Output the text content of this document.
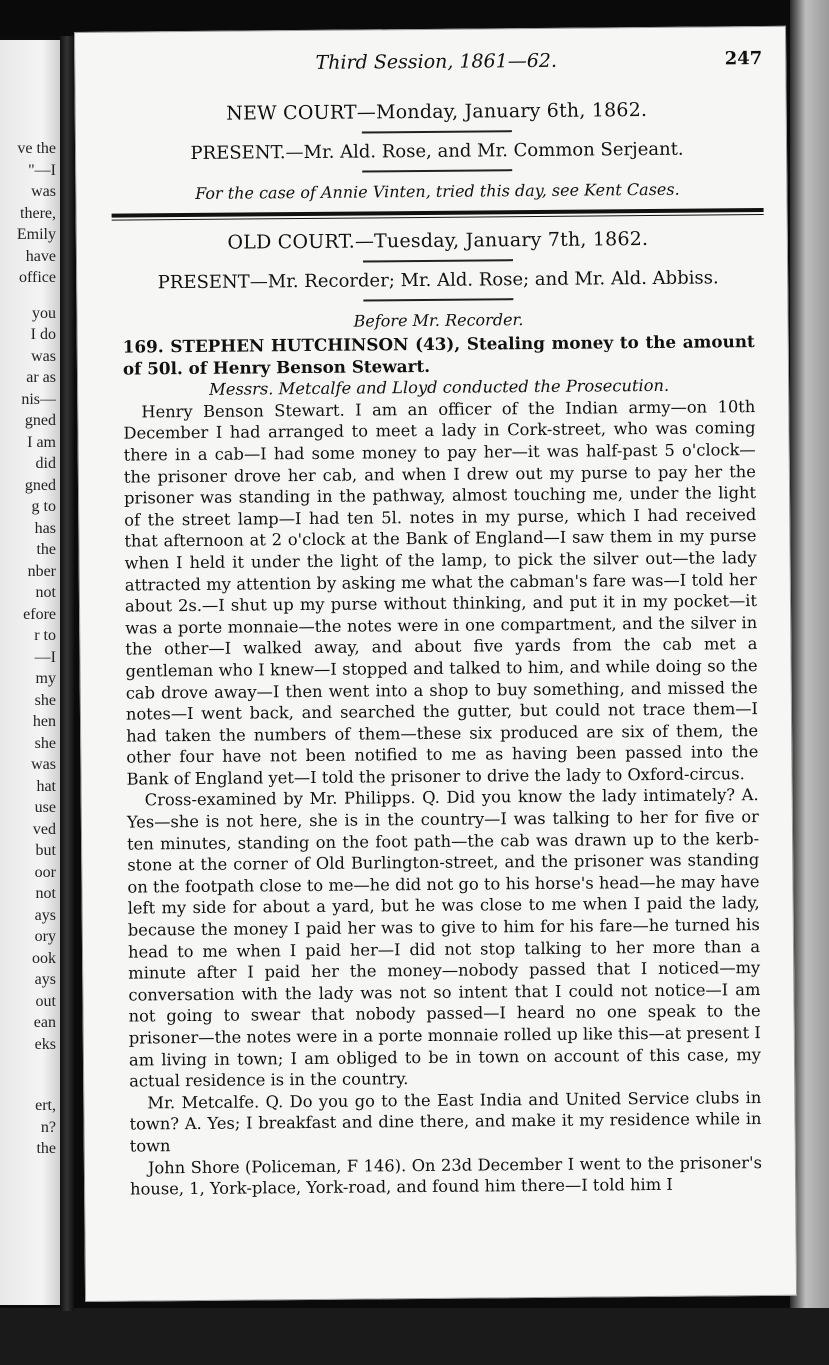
ve the
"—I
was
there,
Emily
have
office
you
I do
was
ar as
nis—
gned
I am
did
gned
g to
has
the
nber
not
efore
r to
—I
my
she
hen
she
was
hat
use
ved
but
oor
not
ays
ory
ook
ays
out
ean
eks
ert,
n?
the
Third Session, 1861—62.	247
NEW COURT—Monday, January 6th, 1862.
PRESENT.—Mr. Ald. Rose, and Mr. Common Serjeant.
For the case of Annie Vinten, tried this day, see Kent Cases.
OLD COURT.—Tuesday, January 7th, 1862.
PRESENT—Mr. Recorder; Mr. Ald. Rose; and Mr. Ald. Abbiss.
Before Mr. Recorder.

169. STEPHEN HUTCHINSON (43), Stealing money to the amount of 50l. of Henry Benson Stewart.

Messrs. Metcalfe and Lloyd conducted the Prosecution.

Henry Benson Stewart. I am an officer of the Indian army—on 10th December I had arranged to meet a lady in Cork-street, who was coming there in a cab—I had some money to pay her—it was half-past 5 o'clock—the prisoner drove her cab, and when I drew out my purse to pay her the prisoner was standing in the pathway, almost touching me, under the light of the street lamp—I had ten 5l. notes in my purse, which I had received that afternoon at 2 o'clock at the Bank of England—I saw them in my purse when I held it under the light of the lamp, to pick the silver out—the lady attracted my attention by asking me what the cabman's fare was—I told her about 2s.—I shut up my purse without thinking, and put it in my pocket—it was a porte monnaie—the notes were in one compartment, and the silver in the other—I walked away, and about five yards from the cab met a gentleman who I knew—I stopped and talked to him, and while doing so the cab drove away—I then went into a shop to buy something, and missed the notes—I went back, and searched the gutter, but could not trace them—I had taken the numbers of them—these six produced are six of them, the other four have not been notified to me as having been passed into the Bank of England yet—I told the prisoner to drive the lady to Oxford-circus.

Cross-examined by Mr. Philipps. Q. Did you know the lady intimately? A. Yes—she is not here, she is in the country—I was talking to her for five or ten minutes, standing on the foot path—the cab was drawn up to the kerb-stone at the corner of Old Burlington-street, and the prisoner was standing on the footpath close to me—he did not go to his horse's head—he may have left my side for about a yard, but he was close to me when I paid the lady, because the money I paid her was to give to him for his fare—he turned his head to me when I paid her—I did not stop talking to her more than a minute after I paid her the money—nobody passed that I noticed—my conversation with the lady was not so intent that I could not notice—I am not going to swear that nobody passed—I heard no one speak to the prisoner—the notes were in a porte monnaie rolled up like this—at present I am living in town; I am obliged to be in town on account of this case, my actual residence is in the country.

Mr. Metcalfe. Q. Do you go to the East India and United Service clubs in town? A. Yes; I breakfast and dine there, and make it my residence while in town

John Shore (Policeman, F 146). On 23d December I went to the prisoner's house, 1, York-place, York-road, and found him there—I told him I
